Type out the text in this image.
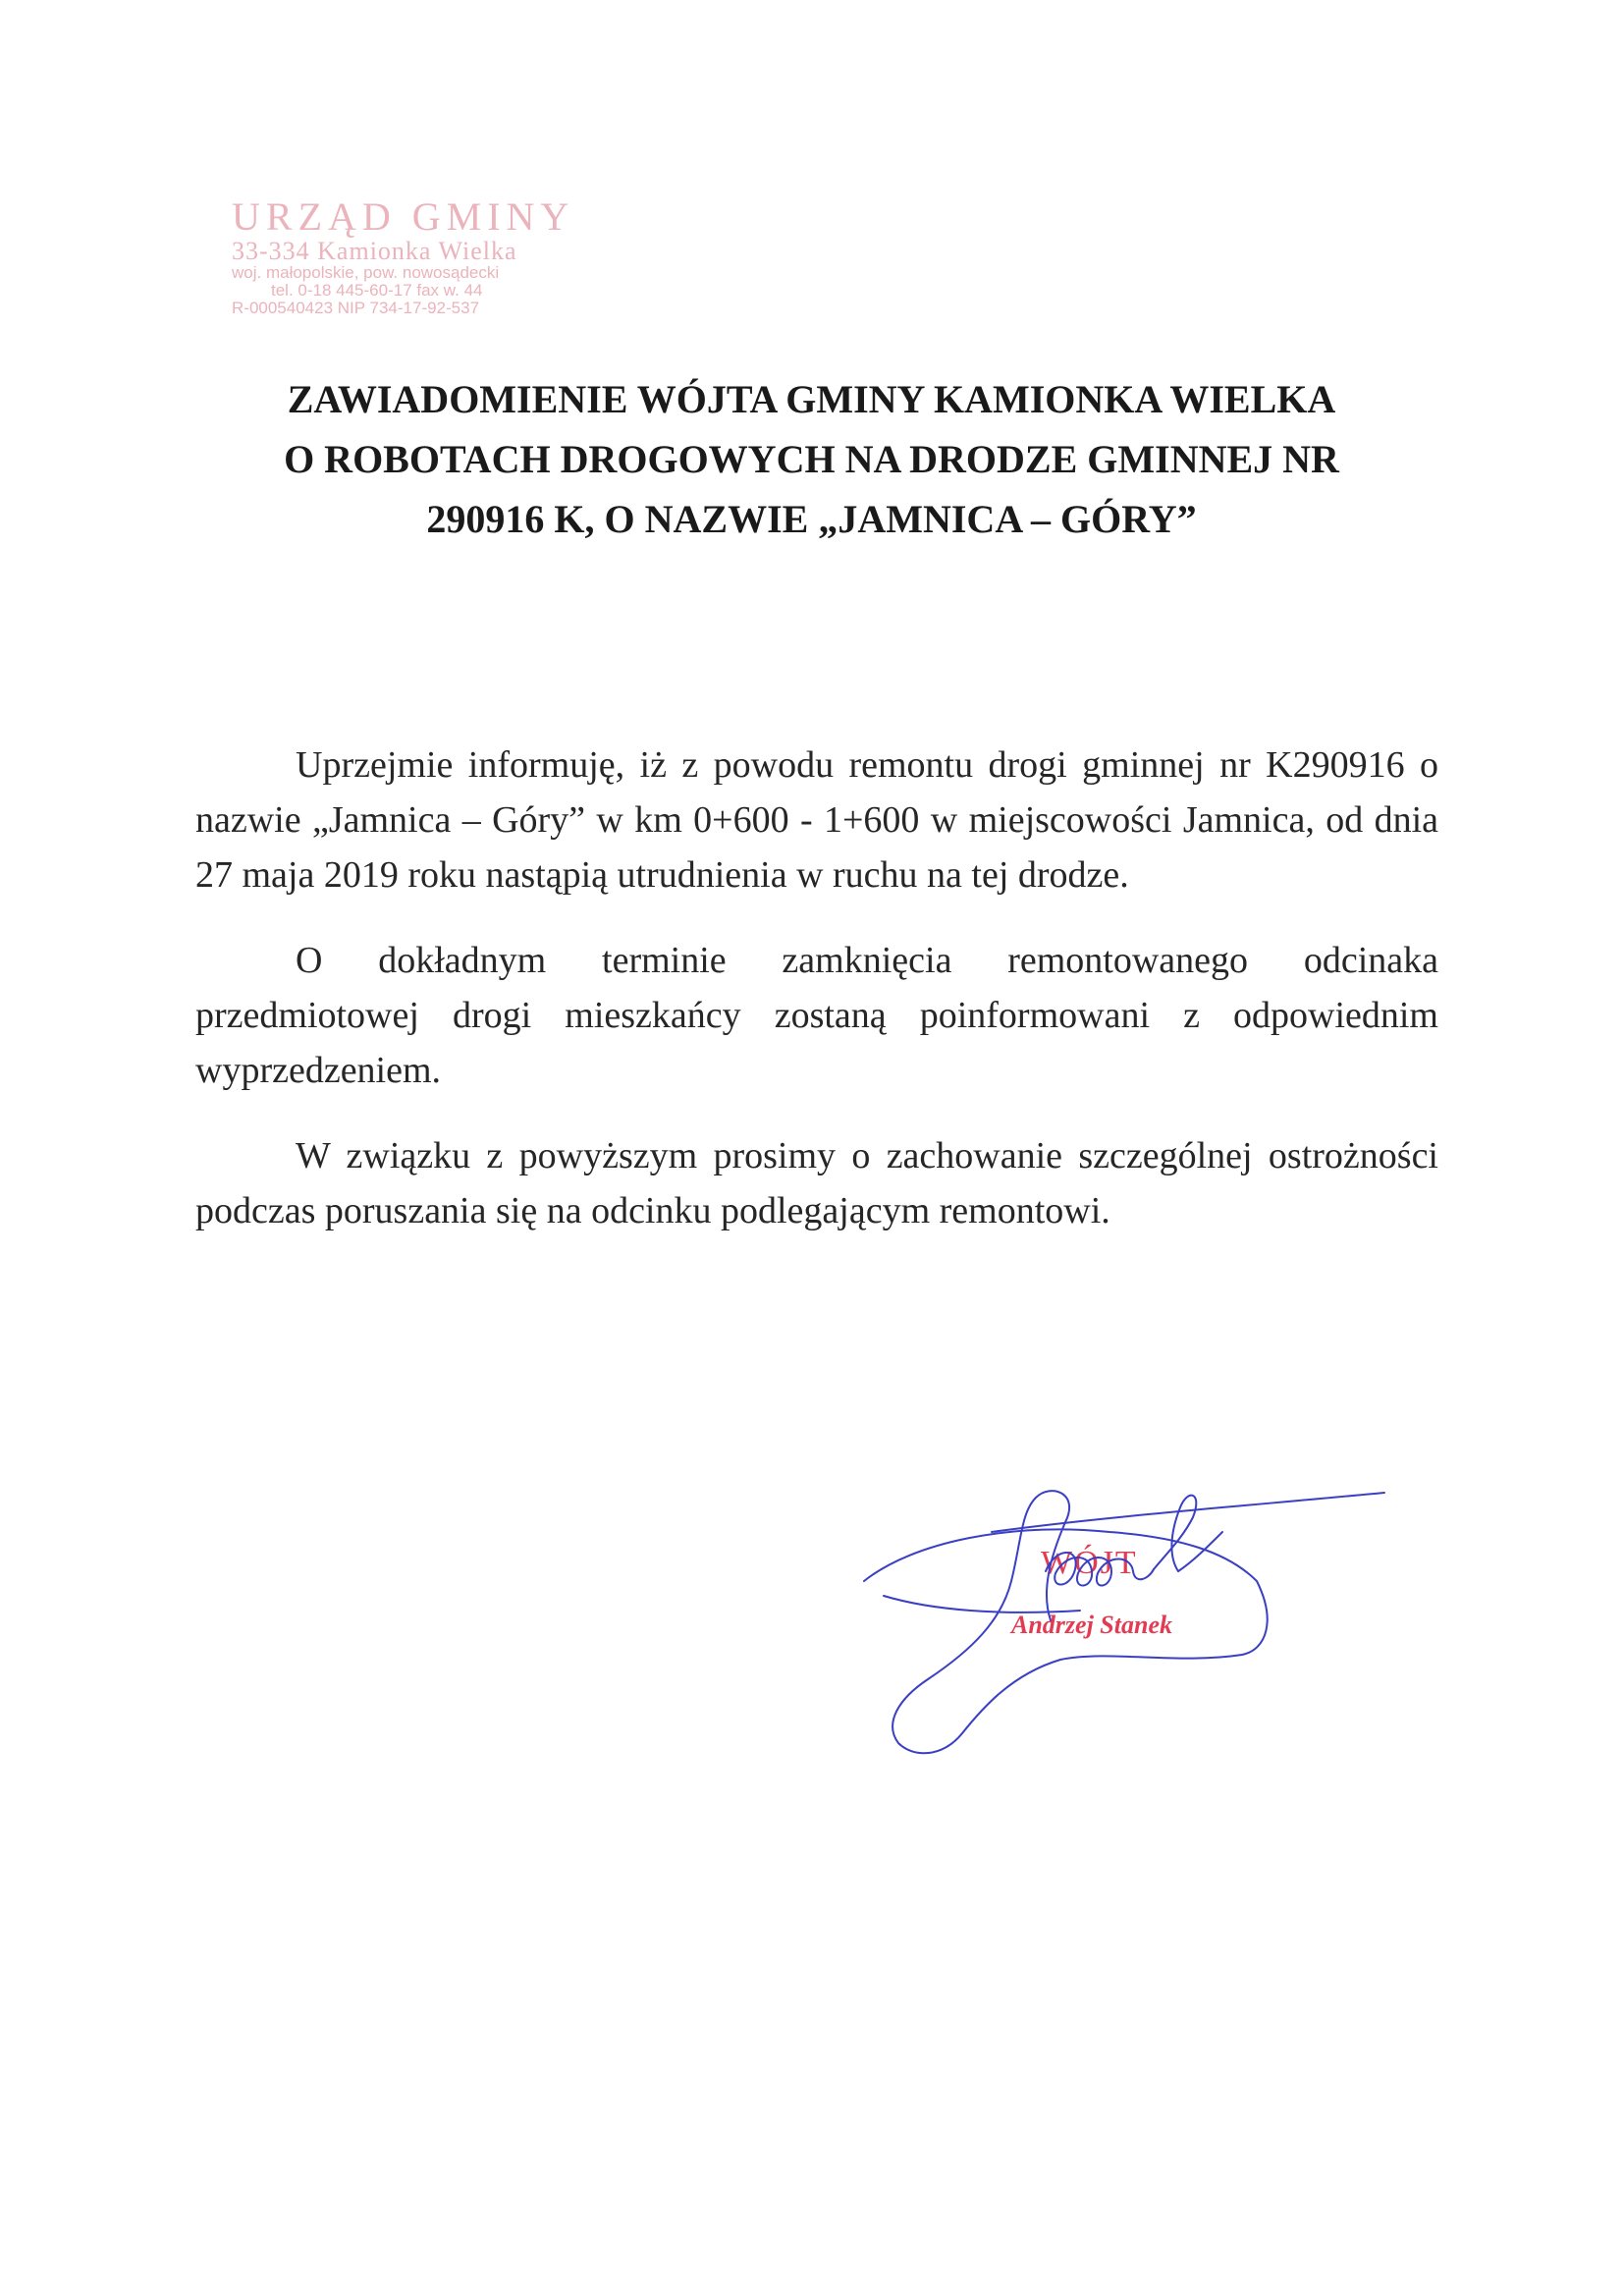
URZĄD GMINY
33-334 Kamionka Wielka
woj. małopolskie, pow. nowosądecki
tel. 0-18 445-60-17 fax w. 44
R-000540423 NIP 734-17-92-537
ZAWIADOMIENIE WÓJTA GMINY KAMIONKA WIELKA
O ROBOTACH DROGOWYCH NA DRODZE GMINNEJ NR
290916 K, O NAZWIE „JAMNICA – GÓRY”

Uprzejmie informuję, iż z powodu remontu drogi gminnej nr K290916 o nazwie „Jamnica – Góry” w km 0+600 - 1+600 w miejscowości Jamnica, od dnia 27 maja 2019 roku nastąpią utrudnienia w ruchu na tej drodze.

O dokładnym terminie zamknięcia remontowanego odcinaka przedmiotowej drogi mieszkańcy zostaną poinformowani z odpowiednim wyprzedzeniem.

W związku z powyższym prosimy o zachowanie szczególnej ostrożności podczas poruszania się na odcinku podlegającym remontowi.

WÓJT
Andrzej Stanek
